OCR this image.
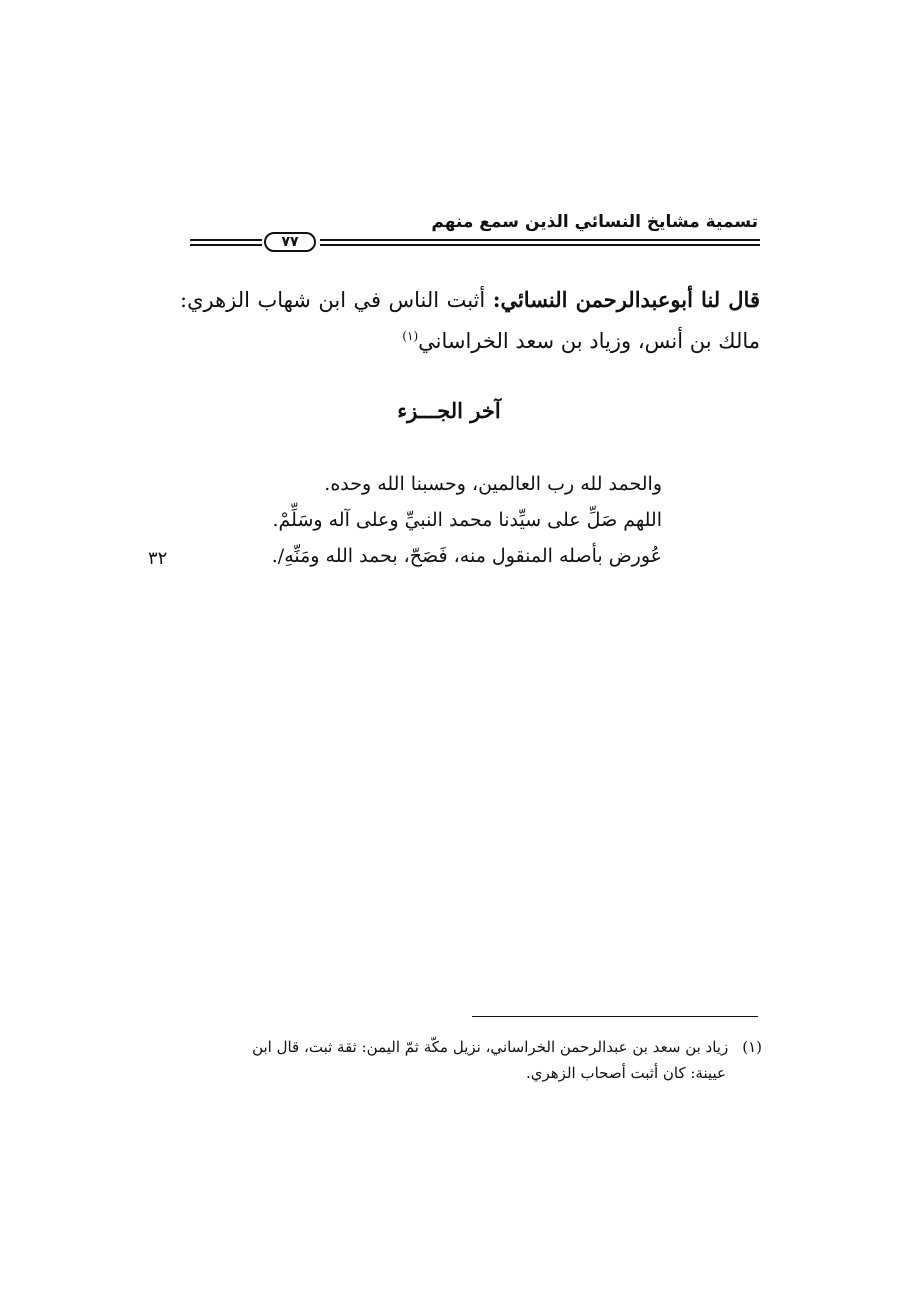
تسمية مشايخ النسائي الذين سمع منهم
٧٧
قال لنا أبوعبدالرحمن النسائي: أثبت الناس في ابن شهاب الزهري: مالك بن أنس، وزياد بن سعد الخراساني$^{(١)}$
آخر الجـــزء
والحمد لله رب العالمين، وحسبنا الله وحده.
اللهم صَلِّ على سيِّدنا محمد النبيِّ وعلى آله وسَلِّمْ.
عُورض بأصله المنقول منه، فَصَحّ، بحمد الله ومَنِّهِ/.
٣٢
(١)زياد بن سعد بن عبدالرحمن الخراساني، نزيل مكّة ثمّ اليمن: ثقة ثبت، قال ابن
عيينة: كان أثبت أصحاب الزهري.
